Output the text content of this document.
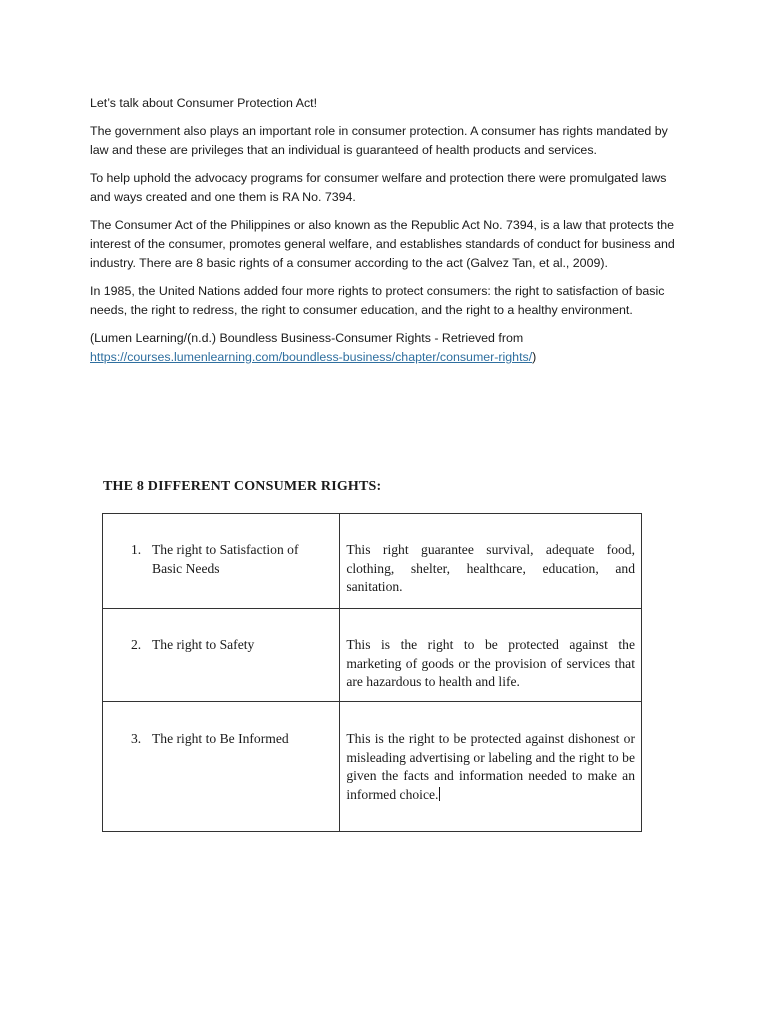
Let’s talk about Consumer Protection Act!

The government also plays an important role in consumer protection. A consumer has rights mandated by law and these are privileges that an individual is guaranteed of health products and services.

To help uphold the advocacy programs for consumer welfare and protection there were promulgated laws and ways created and one them is RA No. 7394.

The Consumer Act of the Philippines or also known as the Republic Act No. 7394, is a law that protects the interest of the consumer, promotes general welfare, and establishes standards of conduct for business and industry. There are 8 basic rights of a consumer according to the act (Galvez Tan, et al., 2009).

In 1985, the United Nations added four more rights to protect consumers: the right to satisfaction of basic needs, the right to redress, the right to consumer education, and the right to a healthy environment.

(Lumen Learning/(n.d.) Boundless Business-Consumer Rights - Retrieved from
https://courses.lumenlearning.com/boundless-business/chapter/consumer-rights/)

THE 8 DIFFERENT CONSUMER RIGHTS:
1. The right to Satisfaction of Basic Needs	This right guarantee survival, adequate food, clothing, shelter, healthcare, education, and sanitation.

2. The right to Safety	This is the right to be protected against the marketing of goods or the provision of services that are hazardous to health and life.

3. The right to Be Informed	This is the right to be protected against dishonest or misleading advertising or labeling and the right to be given the facts and information needed to make an informed choice.
